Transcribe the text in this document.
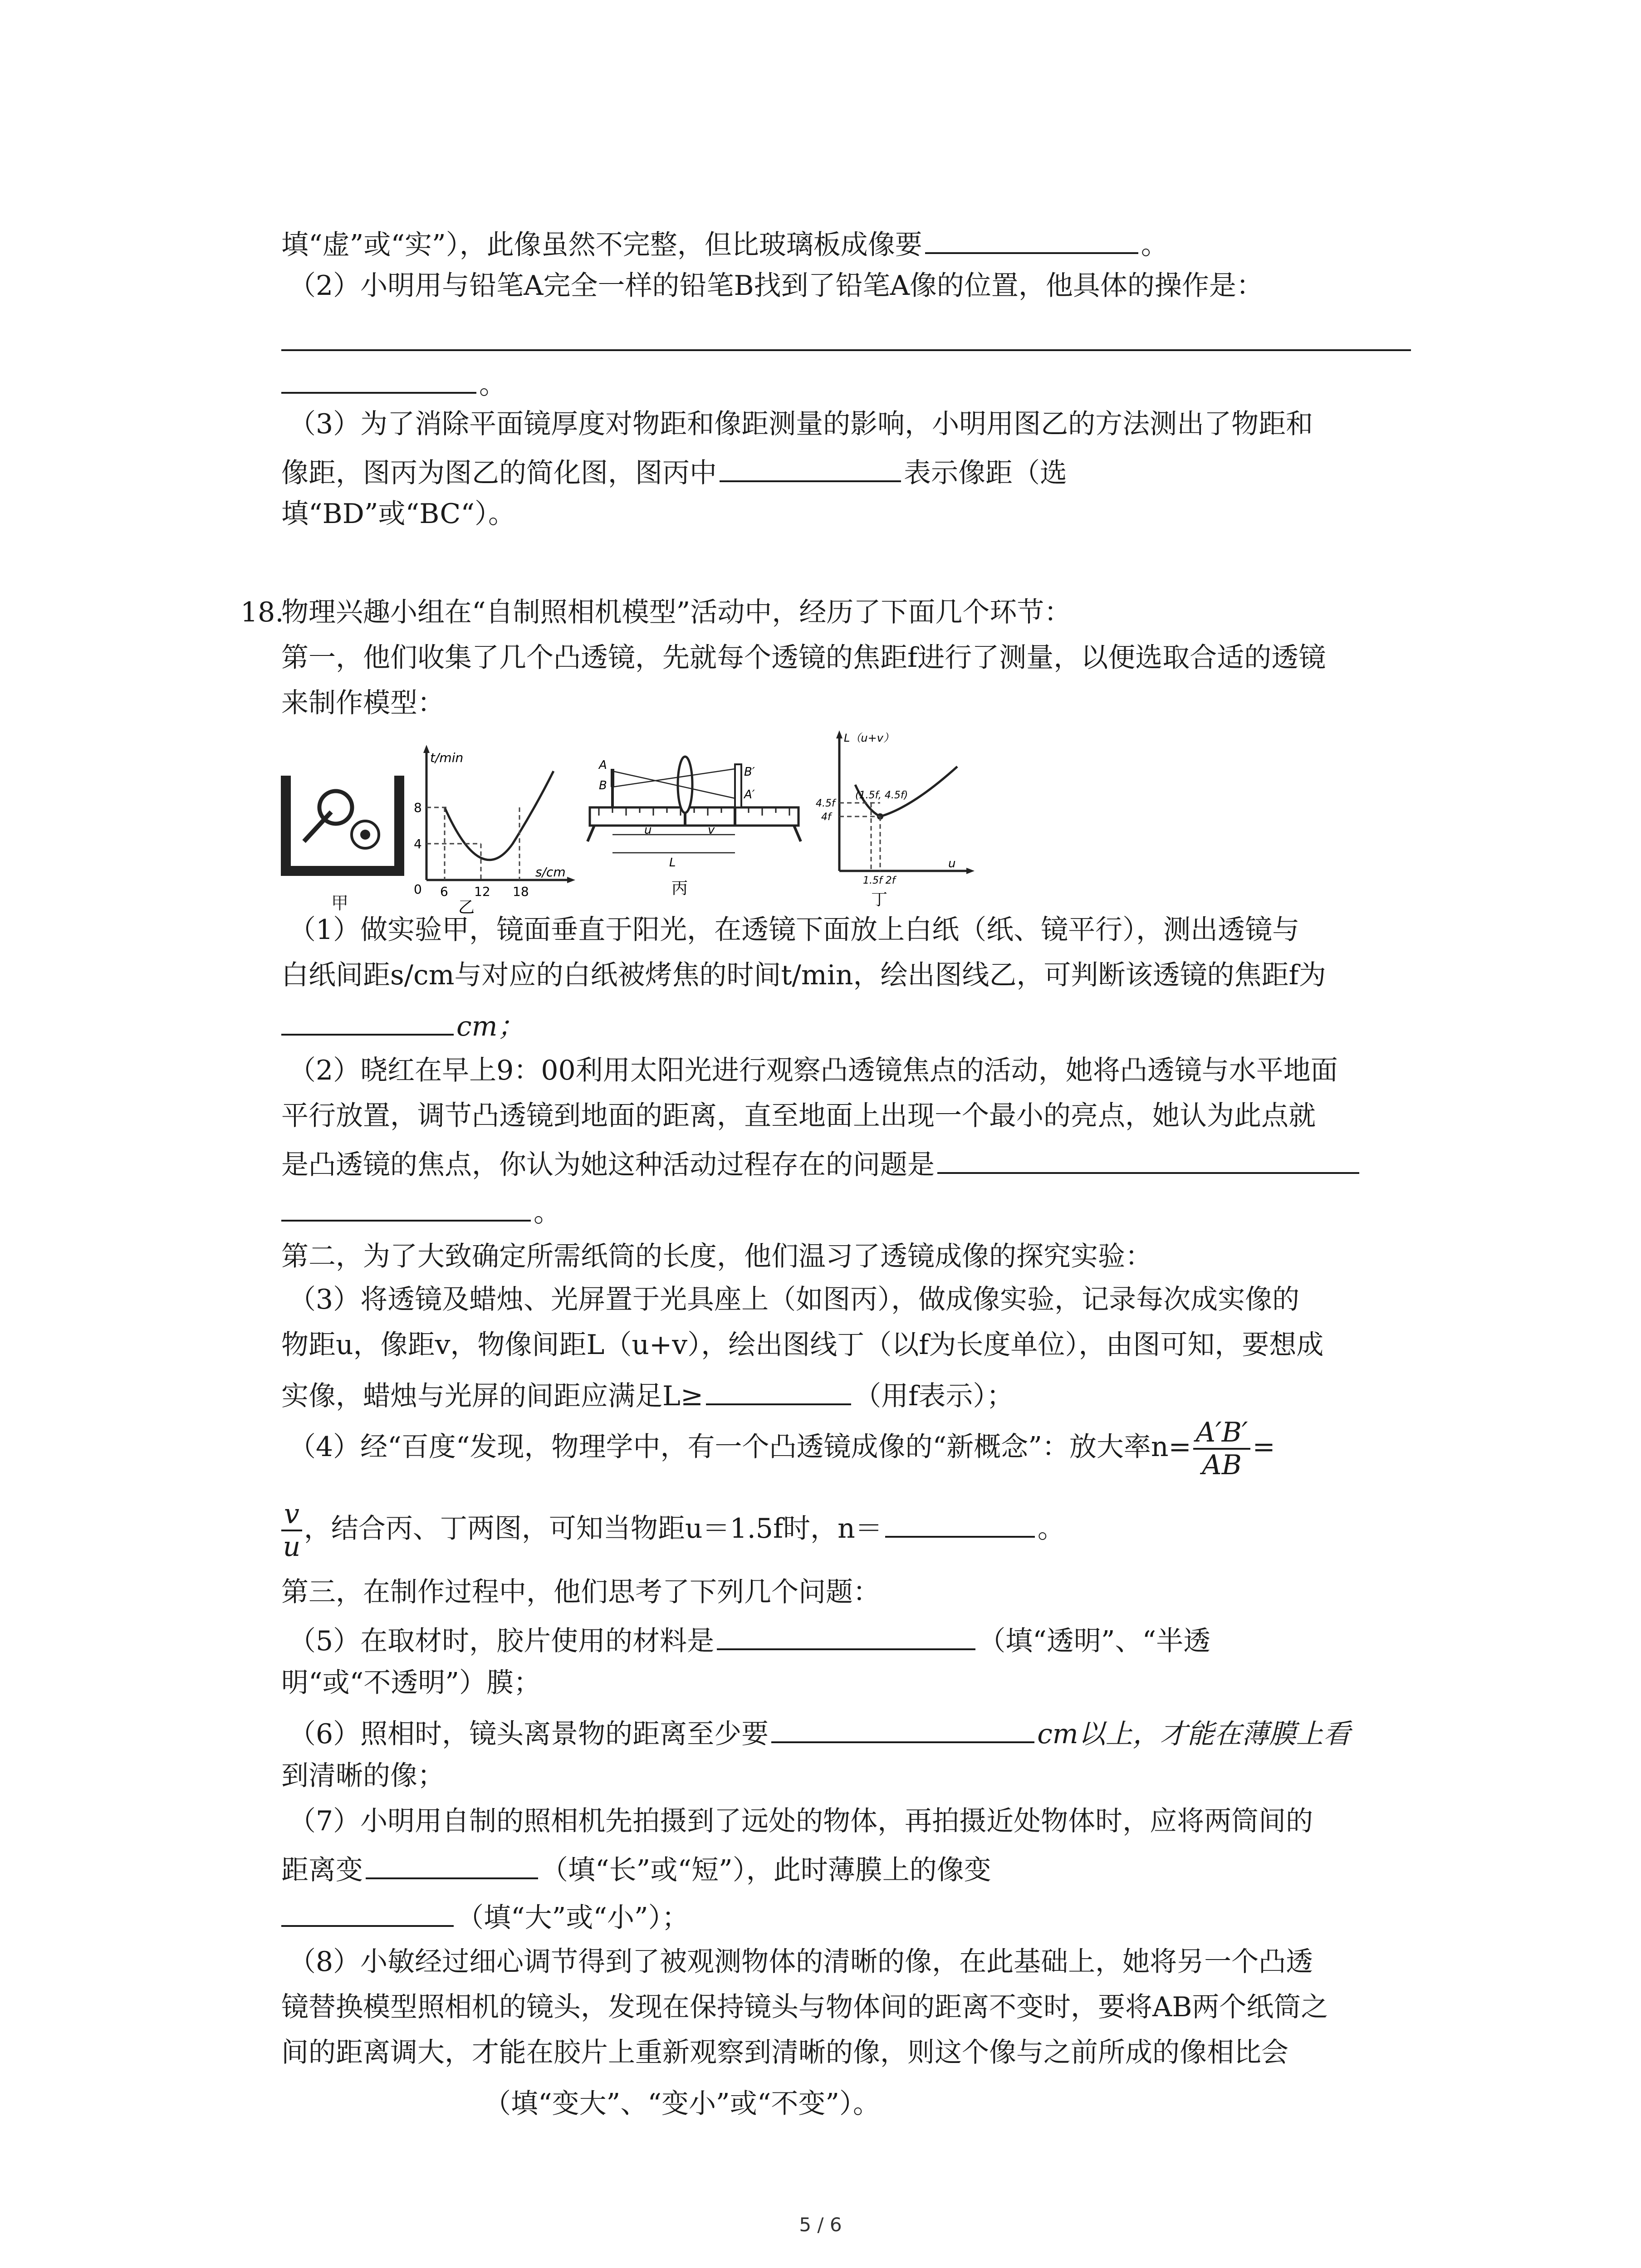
填“虚”或“实”），此像虽然不完整，但比玻璃板成像要	。
（2）小明用与铅笔A完全一样的铅笔B找到了铅笔A像的位置，他具体的操作是：
。
（3）为了消除平面镜厚度对物距和像距测量的影响，小明用图乙的方法测出了物距和
像距，图丙为图乙的简化图，图丙中	表示像距（选
填“BD”或“BC“）。
18.
物理兴趣小组在“自制照相机模型”活动中，经历了下面几个环节：
第一，他们收集了几个凸透镜，先就每个透镜的焦距f进行了测量，以便选取合适的透镜
来制作模型：
甲
t/min
8
4
0 6 12 18
s/cm
乙
A
B
B′
A′
u	v
L
丙
L（u+v）
4.5f
4f
(1.5f, 4.5f)
1.5f 2f
u
丁
（1）做实验甲，镜面垂直于阳光，在透镜下面放上白纸（纸、镜平行），测出透镜与
白纸间距s/cm与对应的白纸被烤焦的时间t/min，绘出图线乙，可判断该透镜的焦距f为
cm；
（2）晓红在早上9：00利用太阳光进行观察凸透镜焦点的活动，她将凸透镜与水平地面
平行放置，调节凸透镜到地面的距离，直至地面上出现一个最小的亮点，她认为此点就
是凸透镜的焦点，你认为她这种活动过程存在的问题是
。
第二，为了大致确定所需纸筒的长度，他们温习了透镜成像的探究实验：
（3）将透镜及蜡烛、光屏置于光具座上（如图丙），做成像实验，记录每次成实像的
物距u，像距v，物像间距L（u+v），绘出图线丁（以f为长度单位），由图可知，要想成
实像，蜡烛与光屏的间距应满足L≥	（用f表示）；
（4）经“百度“发现，物理学中，有一个凸透镜成像的“新概念”：放大率$n= \frac{A'B'}{AB}$ =
$\frac{v}{u}$ ，结合丙、丁两图，可知当物距u＝1.5f时，n＝	。
第三，在制作过程中，他们思考了下列几个问题：
（5）在取材时，胶片使用的材料是	（填“透明”、“半透
明“或“不透明”）膜；
（6）照相时，镜头离景物的距离至少要	cm以上，才能在薄膜上看
到清晰的像；
（7）小明用自制的照相机先拍摄到了远处的物体，再拍摄近处物体时，应将两筒间的
距离变	（填“长”或“短”），此时薄膜上的像变
（填“大”或“小”）；
（8）小敏经过细心调节得到了被观测物体的清晰的像，在此基础上，她将另一个凸透
镜替换模型照相机的镜头，发现在保持镜头与物体间的距离不变时，要将AB两个纸筒之
间的距离调大，才能在胶片上重新观察到清晰的像，则这个像与之前所成的像相比会
（填“变大”、“变小”或“不变”）。
5 / 6
